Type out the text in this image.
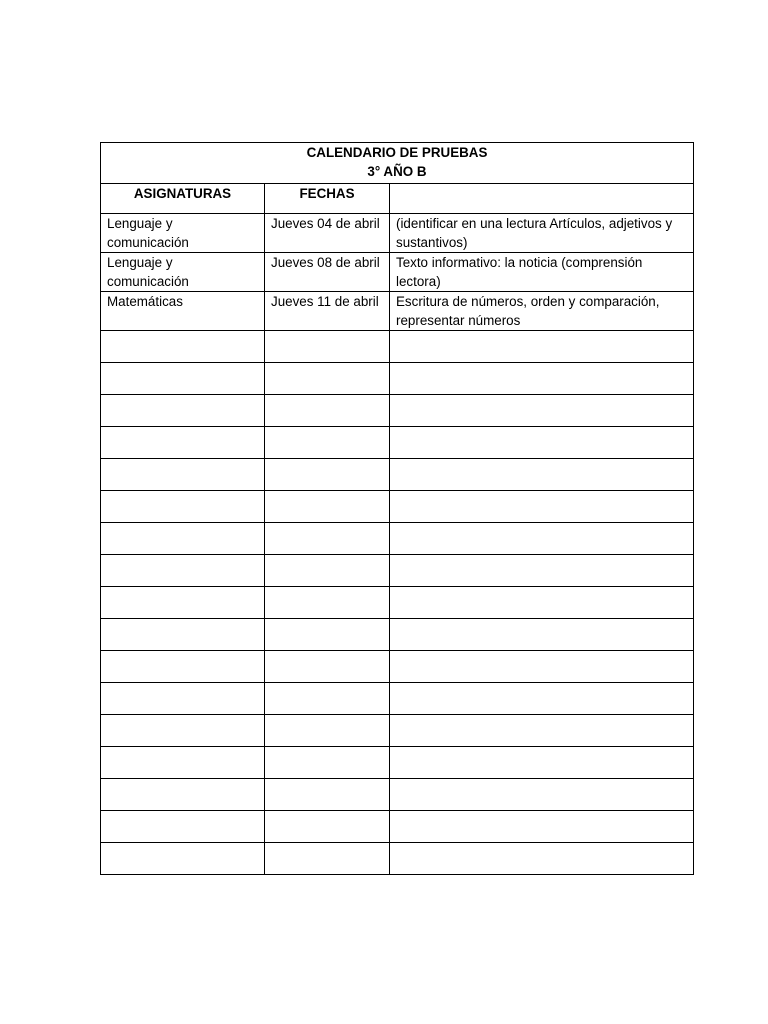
CALENDARIO DE PRUEBAS
3° AÑO B		

ASIGNATURAS	FECHAS	
Lenguaje y comunicación	Jueves 04 de abril	(identificar en una lectura Artículos, adjetivos y sustantivos)
Lenguaje y comunicación	Jueves 08 de abril	Texto informativo: la noticia (comprensión lectora)
Matemáticas	Jueves 11 de abril	Escritura de números, orden y comparación, representar números
